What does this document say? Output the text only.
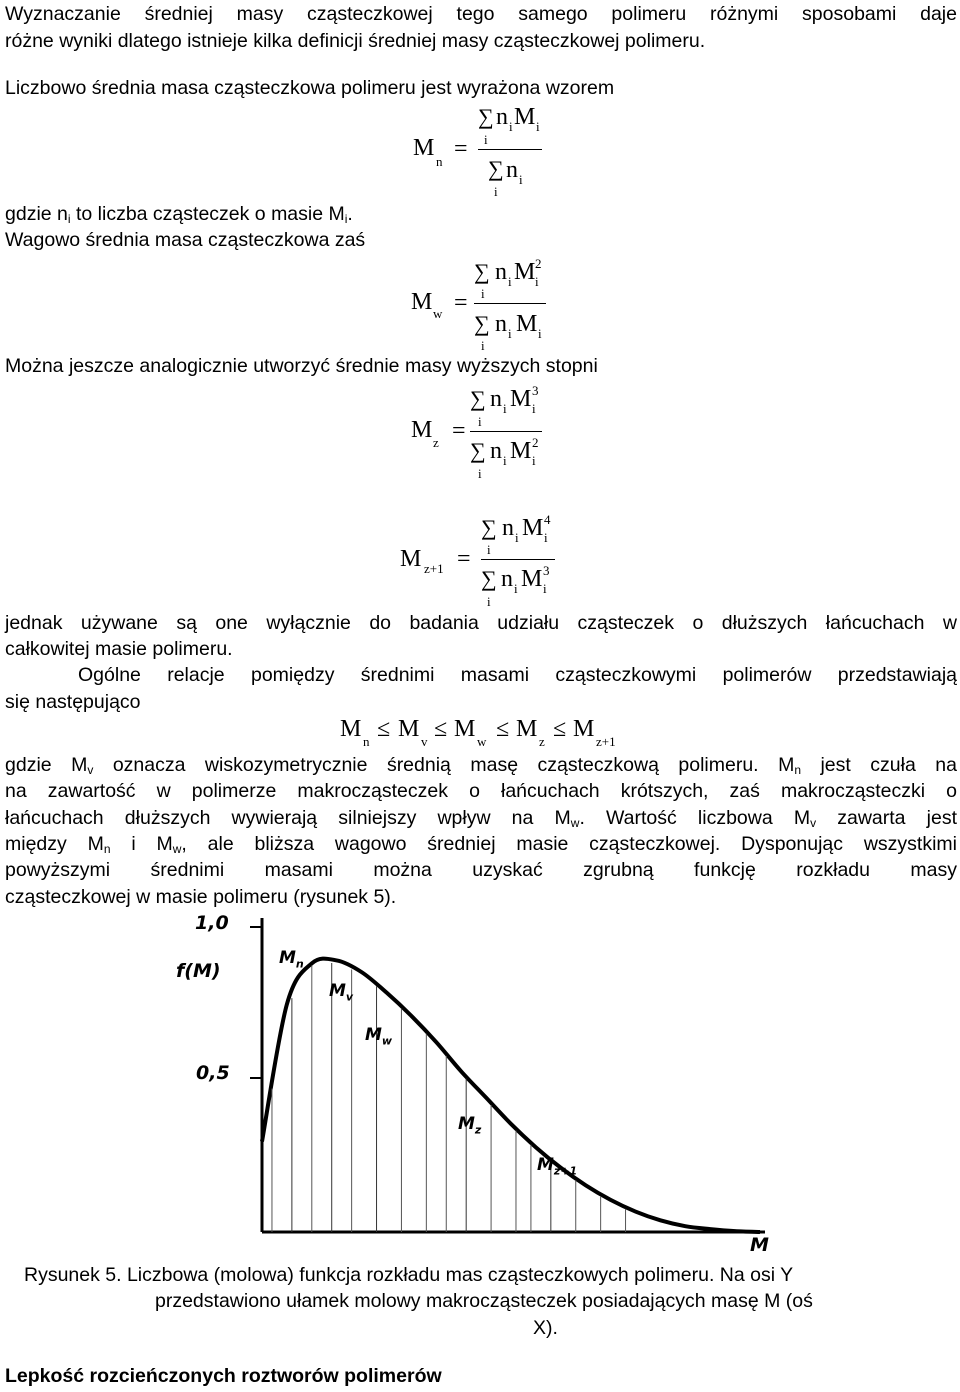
Wyznaczanie średniej masy cząsteczkowej tego samego polimeru różnymi sposobami daje
różne wyniki dlatego istnieje kilka definicji średniej masy cząsteczkowej polimeru.
Liczbowo średnia masa cząsteczkowa polimeru jest wyrażona wzorem
M
n =
∑ n i M i
i
∑ n i
i
gdzie $n_i$ to liczba cząsteczek o masie $M_i$.
Wagowo średnia masa cząsteczkowa zaś
M w =
∑ n i M 2
i
i
∑ n i M i
i
Można jeszcze analogicznie utworzyć średnie masy wyższych stopni
M z =
∑ n i M 3
i
i
∑ n i M 2
i
i
M z+1 =
∑ n i M 4
i
i
∑ n i M 3
i
i
jednak używane są one wyłącznie do badania udziału cząsteczek o dłuższych łańcuchach w
całkowitej masie polimeru.
Ogólne relacje pomiędzy średnimi masami cząsteczkowymi polimerów przedstawiają
się następująco
M n ≤ M v ≤ M w ≤ M z ≤ M z+1
gdzie $M_v$ oznacza wiskozymetrycznie średnią masę cząsteczkową polimeru. $M_n$ jest czuła na
na zawartość w polimerze makrocząsteczek o łańcuchach krótszych, zaś makrocząsteczki o
łańcuchach dłuższych wywierają silniejszy wpływ na $M_w$. Wartość liczbowa $M_v$ zawarta jest
między $M_n$ i $M_w$, ale bliższa wagowo średniej masie cząsteczkowej. Dysponując wszystkimi
powyższymi średnimi masami można uzyskać zgrubną funkcję rozkładu masy
cząsteczkowej w masie polimeru (rysunek 5).
1,0
f(M)
0,5
M
$M_n$
$M_v$
$M_w$
$M_z$
$M_{z+1}$
Rysunek 5. Liczbowa (molowa) funkcja rozkładu mas cząsteczkowych polimeru. Na osi Y
przedstawiono ułamek molowy makrocząsteczek posiadających masę M (oś
X).
Lepkość rozcieńczonych roztworów polimerów
